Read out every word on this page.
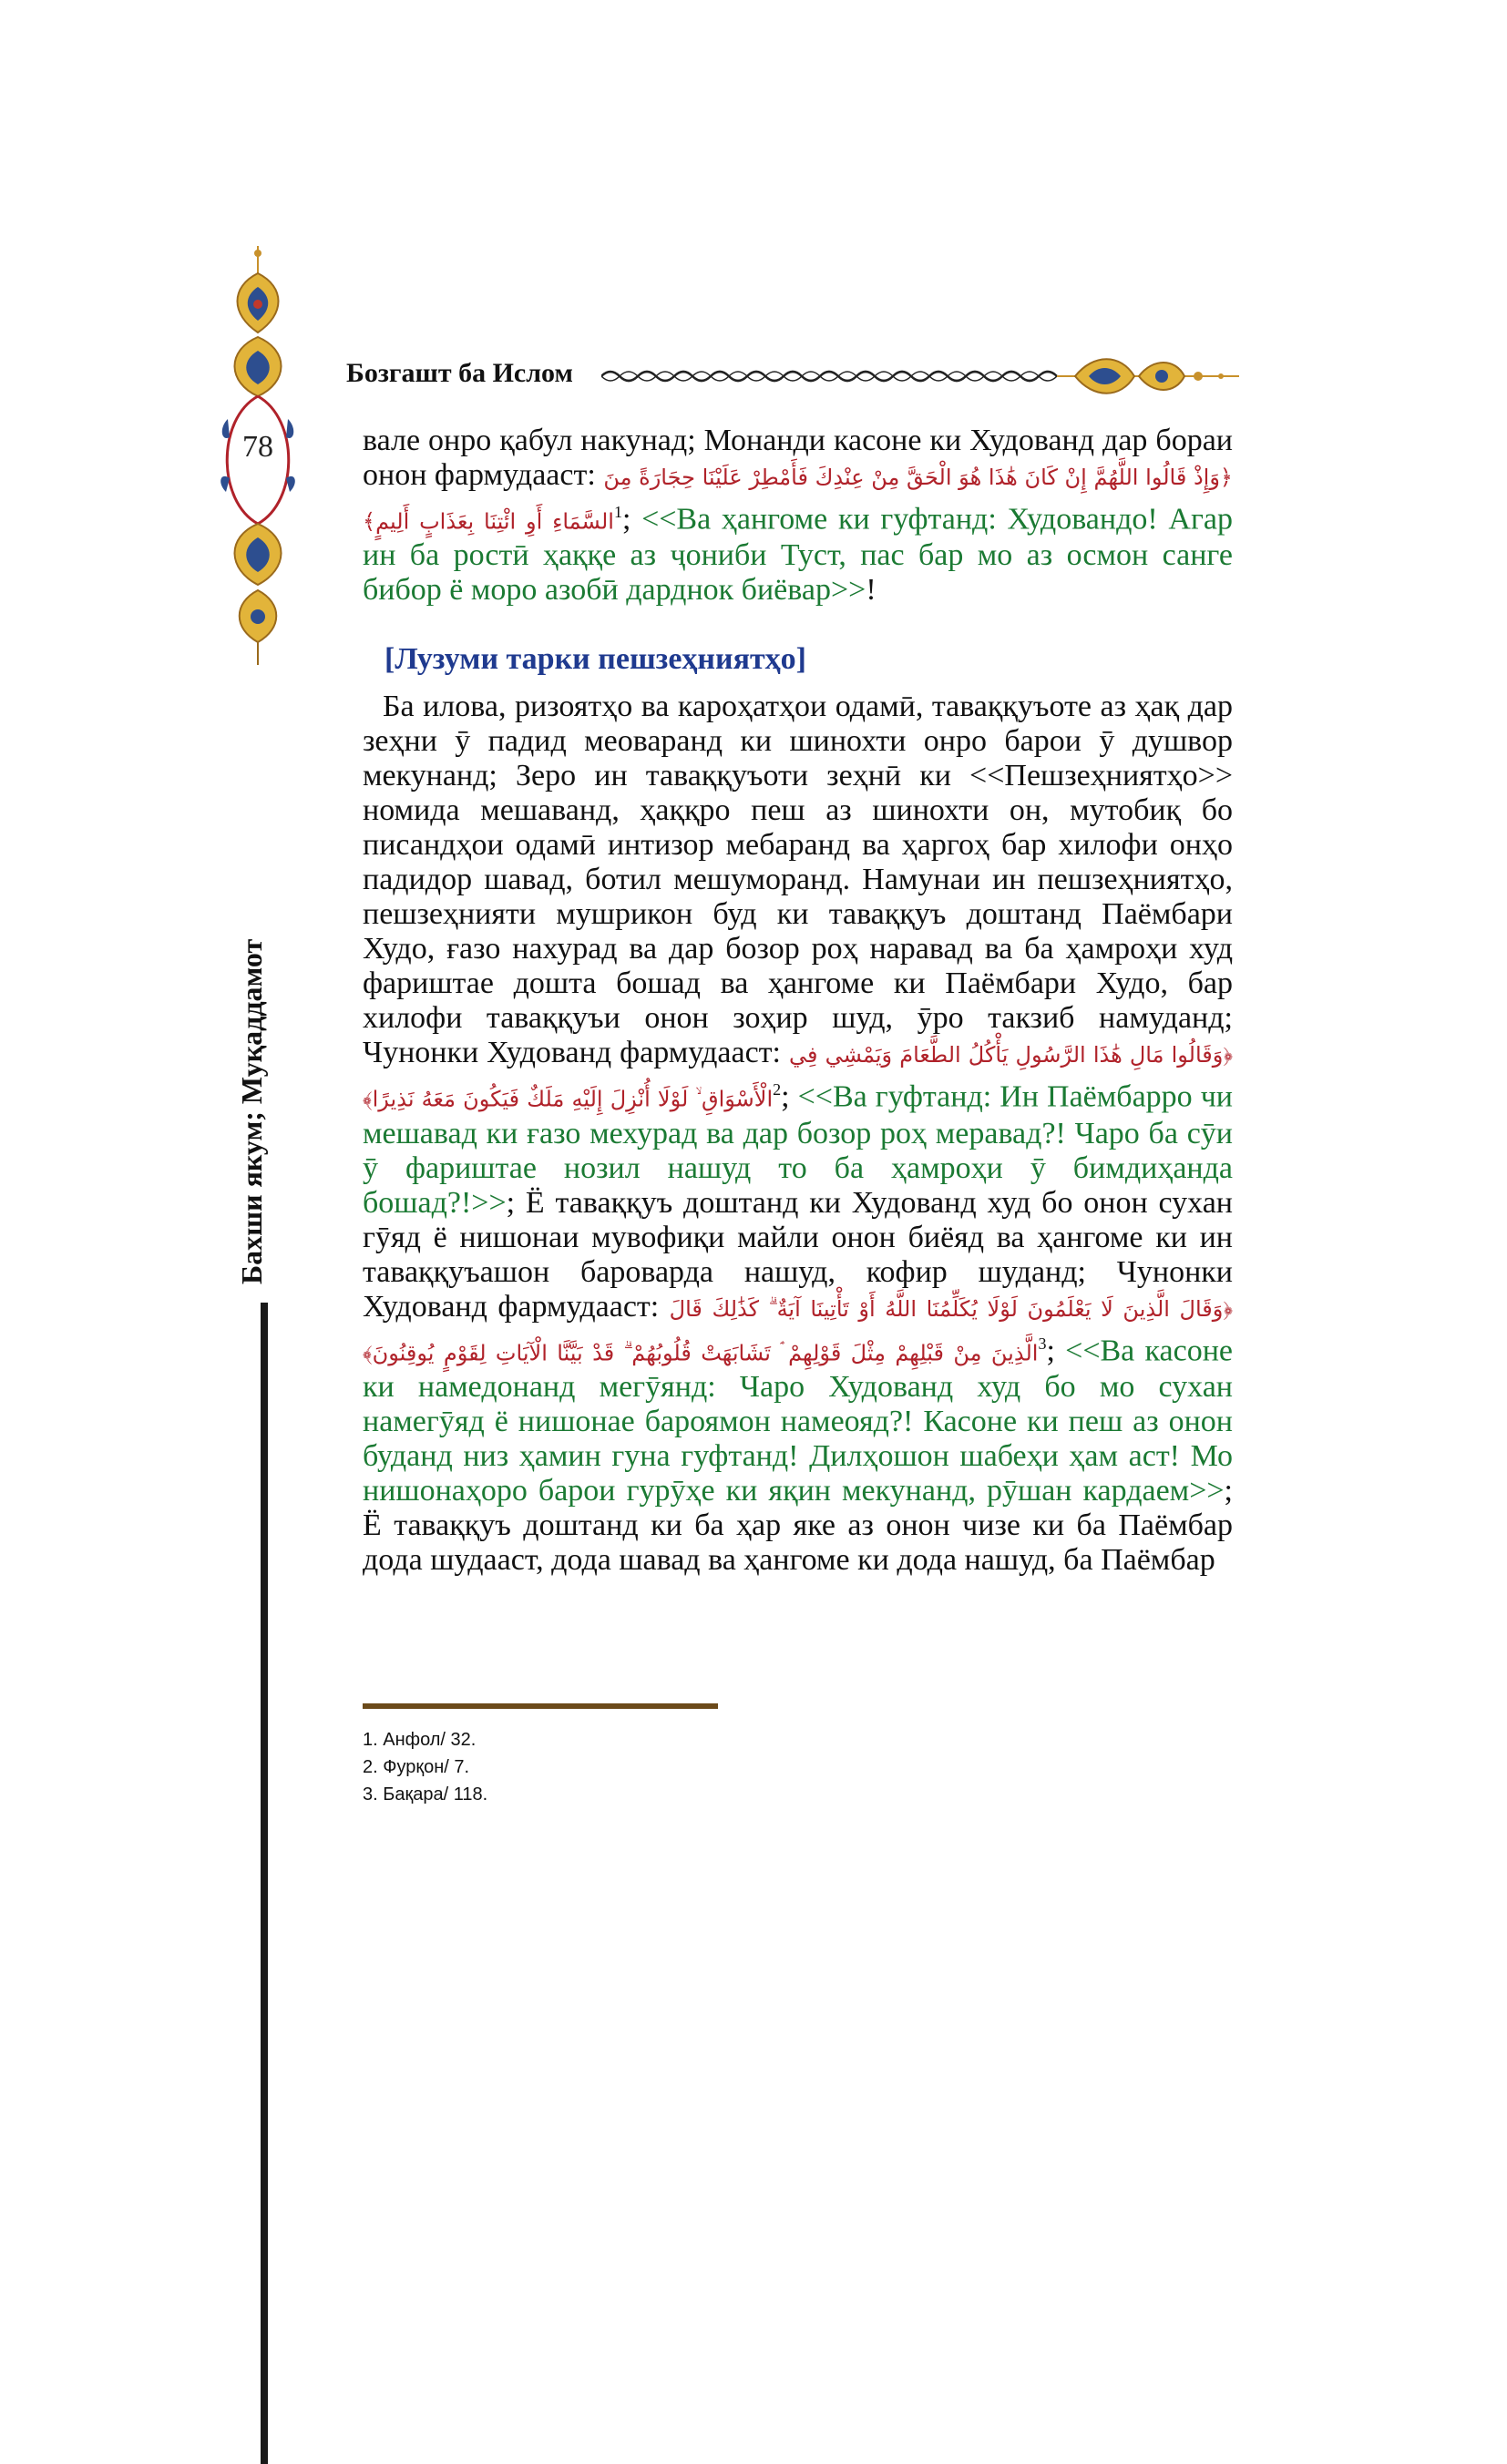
78
Бахши якум; Муқаддамот
Бозгашт ба Ислом

вале онро қабул накунад; Монанди касоне ки Худованд дар бораи онон фармудааст: ﴿وَإِذْ قَالُوا اللَّهُمَّ إِنْ كَانَ هَٰذَا هُوَ الْحَقَّ مِنْ عِنْدِكَ فَأَمْطِرْ عَلَيْنَا حِجَارَةً مِنَ السَّمَاءِ أَوِ ائْتِنَا بِعَذَابٍ أَلِيمٍ﴾$^1$; <<Ва ҳангоме ки гуфтанд: Худовандо! Агар ин ба ростӣ ҳаққе аз ҷониби Туст, пас бар мо аз осмон санге бибор ё моро азобӣ дарднок биёвар>>!

[Лузуми тарки пешзеҳниятҳо]

Ба илова, ризоятҳо ва кароҳатҳои одамӣ, таваққуъоте аз ҳақ дар зеҳни ӯ падид меоваранд ки шинохти онро барои ӯ душвор мекунанд; Зеро ин таваққуъоти зеҳнӣ ки <<Пешзеҳниятҳо>> номида мешаванд, ҳаққро пеш аз шинохти он, мутобиқ бо писандҳои одамӣ интизор мебаранд ва ҳаргоҳ бар хилофи онҳо падидор шавад, ботил мешуморанд. Намунаи ин пешзеҳниятҳо, пешзеҳнияти мушрикон буд ки таваққуъ доштанд Паёмбари Худо, ғазо нахурад ва дар бозор роҳ наравад ва ба ҳамроҳи худ фариштае дошта бошад ва ҳангоме ки Паёмбари Худо, бар хилофи таваққуъи онон зоҳир шуд, ӯро такзиб намуданд; Чунонки Худованд фармудааст: ﴿وَقَالُوا مَالِ هَٰذَا الرَّسُولِ يَأْكُلُ الطَّعَامَ وَيَمْشِي فِي الْأَسْوَاقِ ۙ لَوْلَا أُنْزِلَ إِلَيْهِ مَلَكٌ فَيَكُونَ مَعَهُ نَذِيرًا﴾$^2$; <<Ва гуфтанд: Ин Паёмбарро чи мешавад ки ғазо мехурад ва дар бозор роҳ меравад?! Чаро ба сӯи ӯ фариштае нозил нашуд то ба ҳамроҳи ӯ бимдиҳанда бошад?!>>; Ё таваққуъ доштанд ки Худованд худ бо онон сухан гӯяд ё нишонаи мувофиқи майли онон биёяд ва ҳангоме ки ин таваққуъашон бароварда нашуд, кофир шуданд; Чунонки Худованд фармудааст: ﴿وَقَالَ الَّذِينَ لَا يَعْلَمُونَ لَوْلَا يُكَلِّمُنَا اللَّهُ أَوْ تَأْتِينَا آيَةٌ ۗ كَذَٰلِكَ قَالَ الَّذِينَ مِنْ قَبْلِهِمْ مِثْلَ قَوْلِهِمْ ۘ تَشَابَهَتْ قُلُوبُهُمْ ۗ قَدْ بَيَّنَّا الْآيَاتِ لِقَوْمٍ يُوقِنُونَ﴾$^3$; <<Ва касоне ки намедонанд мегӯянд: Чаро Худованд худ бо мо сухан намегӯяд ё нишонае бароямон намеояд?! Касоне ки пеш аз онон буданд низ ҳамин гуна гуфтанд! Дилҳошон шабеҳи ҳам аст! Мо нишонаҳоро барои гурӯҳе ки яқин мекунанд, рӯшан кардаем>>; Ё таваққуъ доштанд ки ба ҳар яке аз онон чизе ки ба Паёмбар дода шудааст, дода шавад ва ҳангоме ки дода нашуд, ба Паёмбар

1. Анфол/ 32.
2. Фурқон/ 7.
3. Бақара/ 118.
